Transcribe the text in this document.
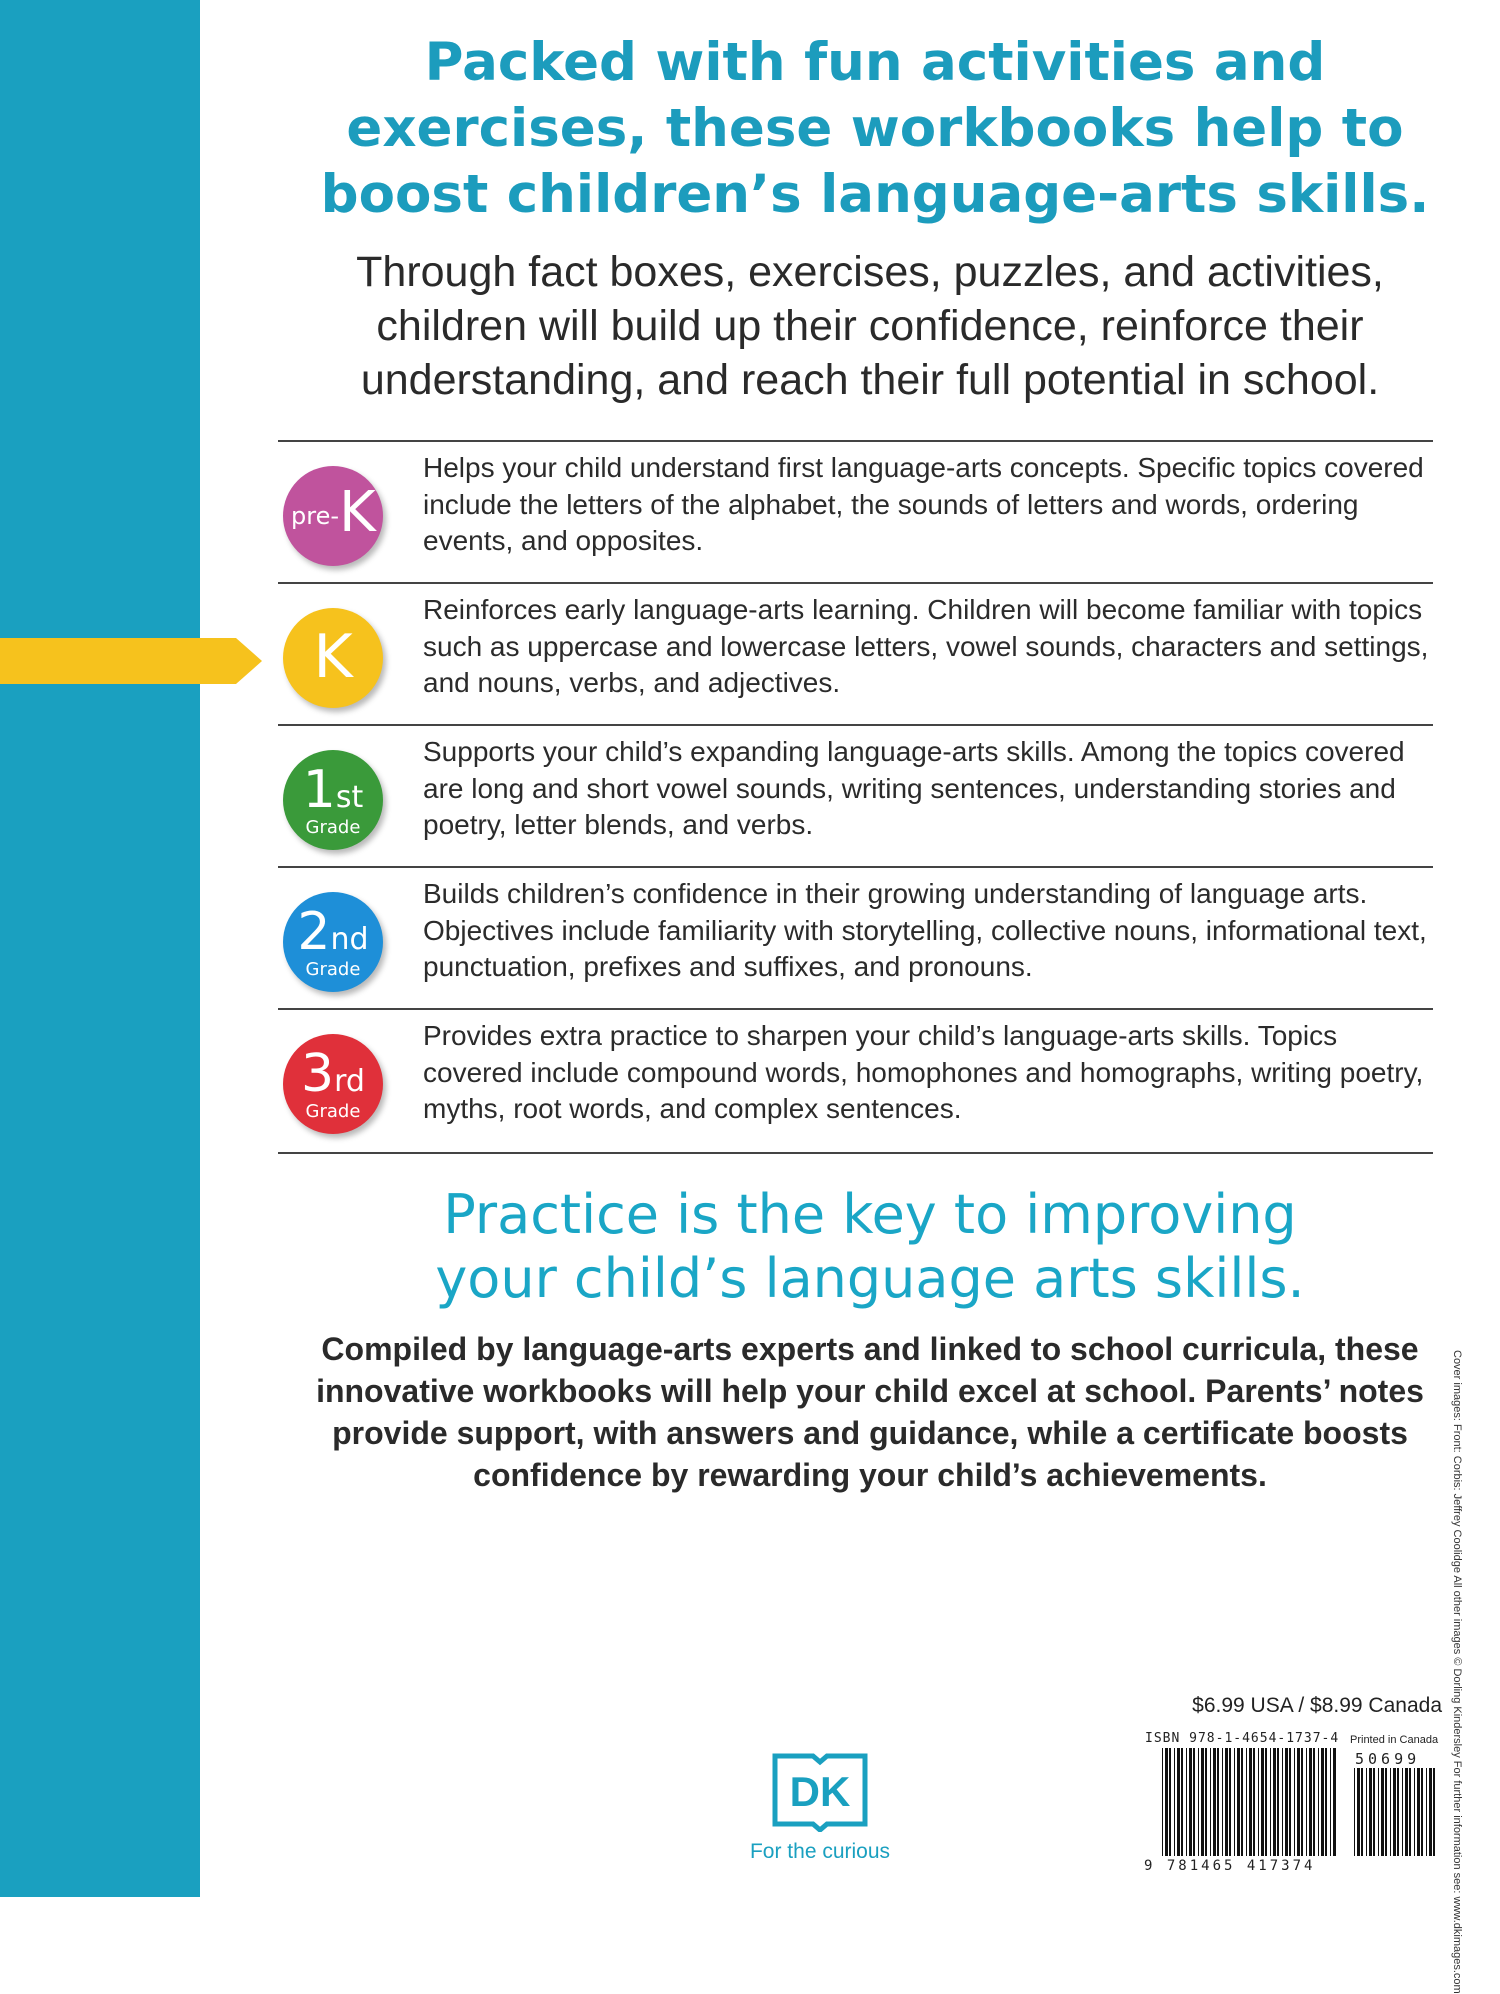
Packed with fun activities and exercises, these workbooks help to boost children’s language-arts skills.

Through fact boxes, exercises, puzzles, and activities, children will build up their confidence, reinforce their understanding, and reach their full potential in school.

pre- K

Helps your child understand first language-arts concepts. Specific topics covered include the letters of the alphabet, the sounds of letters and words, ordering events, and opposites.

K

Reinforces early language-arts learning. Children will become familiar with topics such as uppercase and lowercase letters, vowel sounds, characters and settings, and nouns, verbs, and adjectives.

1st
Grade

Supports your child’s expanding language-arts skills. Among the topics covered are long and short vowel sounds, writing sentences, understanding stories and poetry, letter blends, and verbs.

2nd
Grade

Builds children’s confidence in their growing understanding of language arts. Objectives include familiarity with storytelling, collective nouns, informational text, punctuation, prefixes and suffixes, and pronouns.

3rd
Grade

Provides extra practice to sharpen your child’s language-arts skills. Topics covered include compound words, homophones and homographs, writing poetry, myths, root words, and complex sentences.

Practice is the key to improving
your child’s language arts skills.

Compiled by language-arts experts and linked to school curricula, these innovative workbooks will help your child excel at school. Parents’ notes provide support, with answers and guidance, while a certificate boosts confidence by rewarding your child’s achievements.	Cover images: Front: Corbis: Jeffrey Coolidge All other images © Dorling Kindersley For further information see: www.dkimages.com
DK
For the curious
$6.99 USA / $8.99 Canada
ISBN 978-1-4654-1737-4 Printed in Canada
50699
9 781465 417374
